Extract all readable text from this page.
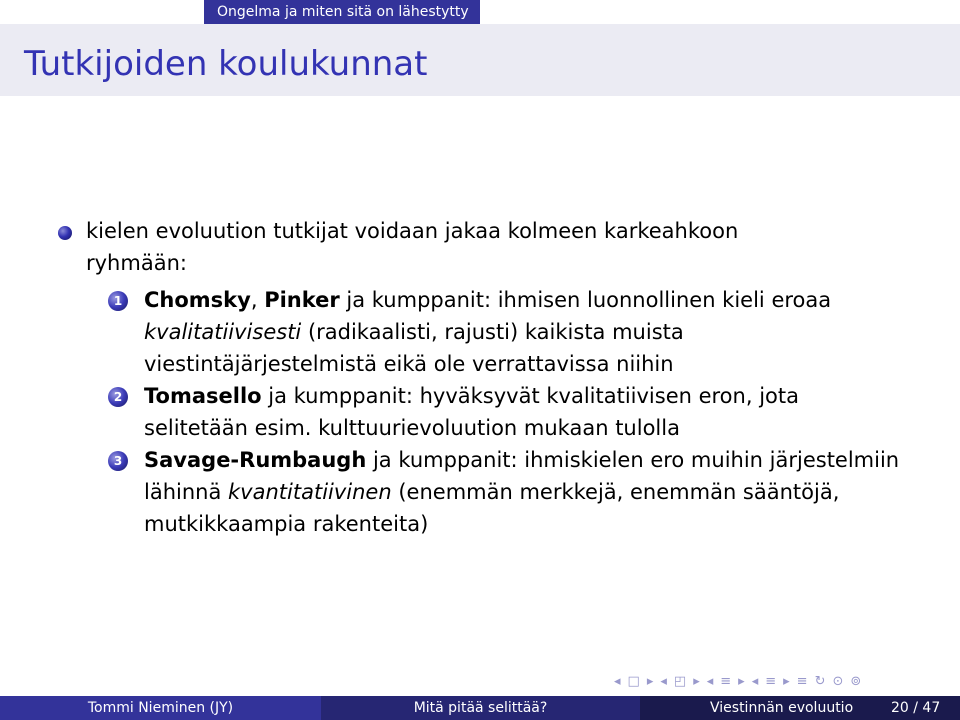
Ongelma ja miten sitä on lähestytty
Tutkijoiden koulukunnat
kielen evoluution tutkijat voidaan jakaa kolmeen karkeahkoon
ryhmään:
1 Chomsky, Pinker ja kumppanit: ihmisen luonnollinen kieli eroaa
kvalitatiivisesti (radikaalisti, rajusti) kaikista muista
viestintäjärjestelmistä eikä ole verrattavissa niihin
2 Tomasello ja kumppanit: hyväksyvät kvalitatiivisen eron, jota
selitetään esim. kulttuurievoluution mukaan tulolla
3 Savage-Rumbaugh ja kumppanit: ihmiskielen ero muihin järjestelmiin
lähinnä kvantitatiivinen (enemmän merkkejä, enemmän sääntöjä,
mutkikkaampia rakenteita)
◂ □ ▸ ◂ ◰ ▸ ◂ ≡ ▸ ◂ ≡ ▸ ≡ ↻ ⊙ ⊚
Tommi Nieminen (JY)	Mitä pitää selittää?	Viestinnän evoluutio	20 / 47
